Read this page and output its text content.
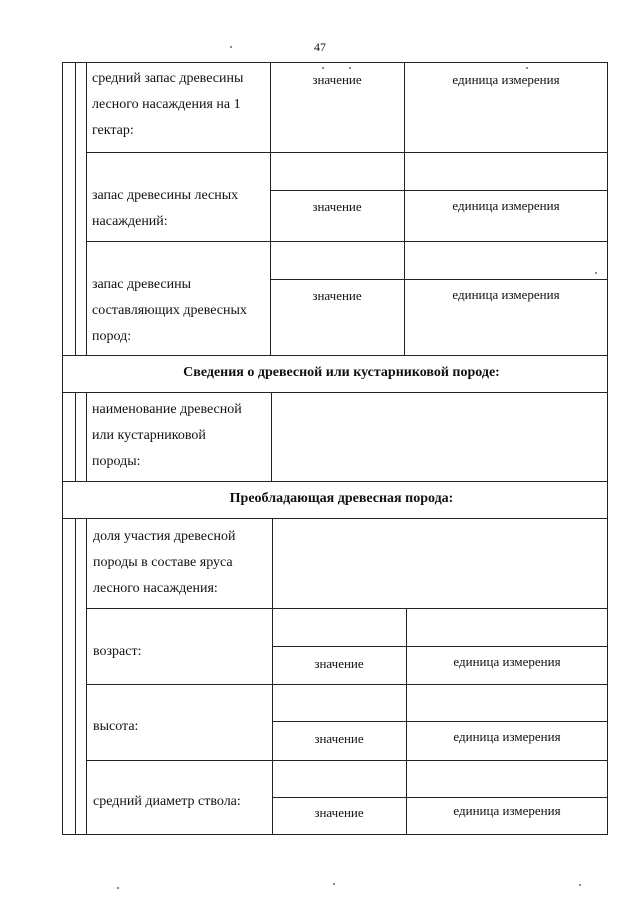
47
средний запас древесины
лесного насаждения на 1
гектар:
значение	единица измерения
запас древесины лесных
насаждений:
значение	единица измерения
запас древесины
составляющих древесных
пород:
значение	единица измерения
Сведения о древесной или кустарниковой породе:
наименование древесной
или кустарниковой
породы:
Преобладающая древесная порода:
доля участия древесной
породы в составе яруса
лесного насаждения:
возраст:
значение	единица измерения
высота:
значение	единица измерения
средний диаметр ствола:
значение	единица измерения
